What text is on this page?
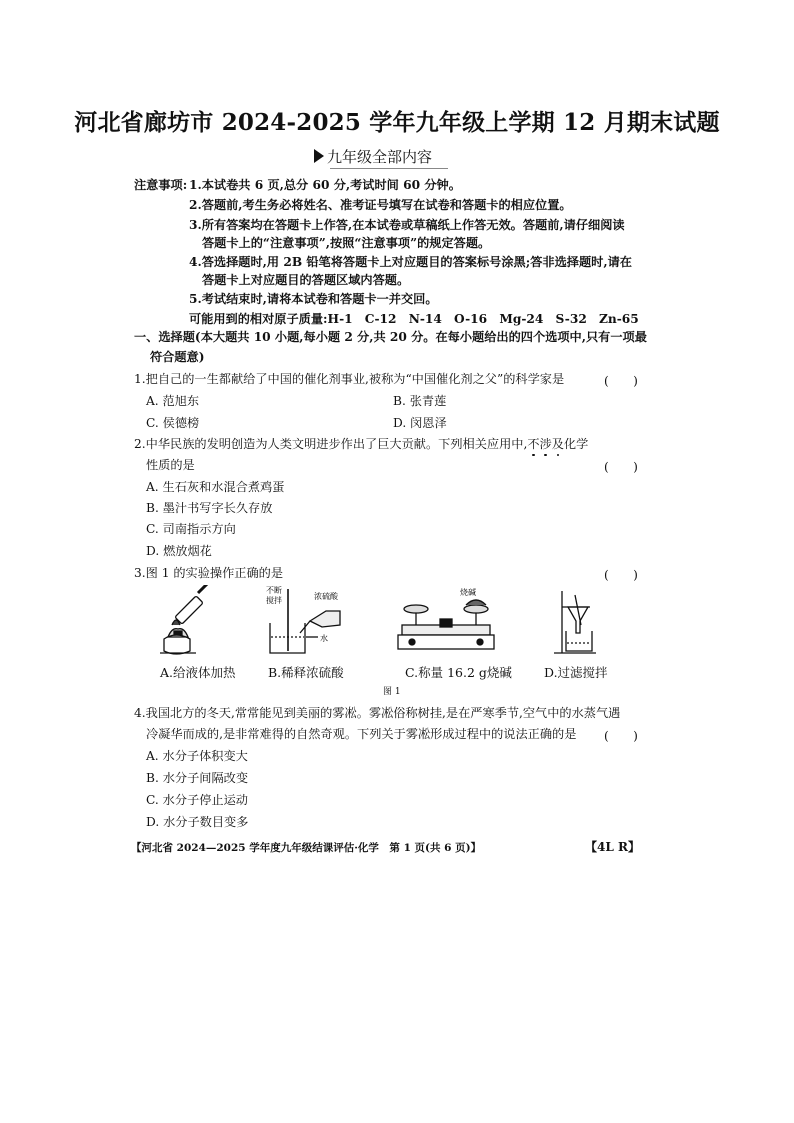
河北省廊坊市 2024-2025 学年九年级上学期 12 月期末试题
九年级全部内容
注意事项: 1.本试卷共 6 页,总分 60 分,考试时间 60 分钟。
2.答题前,考生务必将姓名、准考证号填写在试卷和答题卡的相应位置。
3.所有答案均在答题卡上作答,在本试卷或草稿纸上作答无效。答题前,请仔细阅读
答题卡上的“注意事项”,按照“注意事项”的规定答题。
4.答选择题时,用 2B 铅笔将答题卡上对应题目的答案标号涂黑;答非选择题时,请在
答题卡上对应题目的答题区域内答题。
5.考试结束时,请将本试卷和答题卡一并交回。
可能用到的相对原子质量:H-1　C-12　N-14　O-16　Mg-24　S-32　Zn-65
一、选择题(本大题共 10 小题,每小题 2 分,共 20 分。在每小题给出的四个选项中,只有一项最
符合题意)
1.把自己的一生都献给了中国的催化剂事业,被称为“中国催化剂之父”的科学家是	(　　)
A. 范旭东	B. 张青莲
C. 侯德榜	D. 闵恩泽
2.中华民族的发明创造为人类文明进步作出了巨大贡献。下列相关应用中,不涉及化学
性质的是	(　　)
A. 生石灰和水混合煮鸡蛋
B. 墨汁书写字长久存放
C. 司南指示方向
D. 燃放烟花
3.图 1 的实验操作正确的是	(　　)
不断
搅拌	浓硫酸
水
烧碱
A.给液体加热	B.稀释浓硫酸	C.称量 16.2 g烧碱	D.过滤搅拌
图 1
4.我国北方的冬天,常常能见到美丽的雾凇。雾凇俗称树挂,是在严寒季节,空气中的水蒸气遇
冷凝华而成的,是非常难得的自然奇观。下列关于雾凇形成过程中的说法正确的是 (　　)
A. 水分子体积变大
B. 水分子间隔改变
C. 水分子停止运动
D. 水分子数目变多
【河北省 2024—2025 学年度九年级结课评估·化学　第 1 页(共 6 页)】	【4L R】
